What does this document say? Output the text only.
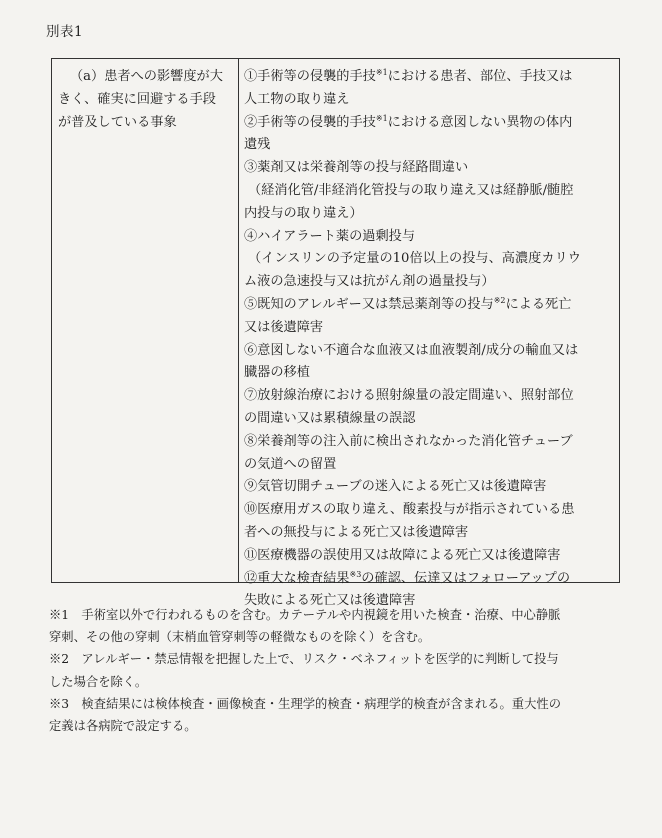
別表1
（a）患者への影響度が大
きく、確実に回避する手段
が普及している事象
①手術等の侵襲的手技$^{※1}$における患者、部位、手技又は
人工物の取り違え
②手術等の侵襲的手技$^{※1}$における意図しない異物の体内
遺残
③薬剤又は栄養剤等の投与経路間違い
（経消化管/非経消化管投与の取り違え又は経静脈/髄腔
内投与の取り違え）
④ハイアラート薬の過剰投与
（インスリンの予定量の10倍以上の投与、高濃度カリウ
ム液の急速投与又は抗がん剤の過量投与）
⑤既知のアレルギー又は禁忌薬剤等の投与$^{※2}$による死亡
又は後遺障害
⑥意図しない不適合な血液又は血液製剤/成分の輸血又は
臓器の移植
⑦放射線治療における照射線量の設定間違い、照射部位
の間違い又は累積線量の誤認
⑧栄養剤等の注入前に検出されなかった消化管チューブ
の気道への留置
⑨気管切開チューブの迷入による死亡又は後遺障害
⑩医療用ガスの取り違え、酸素投与が指示されている患
者への無投与による死亡又は後遺障害
⑪医療機器の誤使用又は故障による死亡又は後遺障害
⑫重大な検査結果$^{※3}$の確認、伝達又はフォローアップの
失敗による死亡又は後遺障害
※1　手術室以外で行われるものを含む。カテーテルや内視鏡を用いた検査・治療、中心静脈
穿刺、その他の穿刺（末梢血管穿刺等の軽微なものを除く）を含む。
※2　アレルギー・禁忌情報を把握した上で、リスク・ベネフィットを医学的に判断して投与
した場合を除く。
※3　検査結果には検体検査・画像検査・生理学的検査・病理学的検査が含まれる。重大性の
定義は各病院で設定する。
